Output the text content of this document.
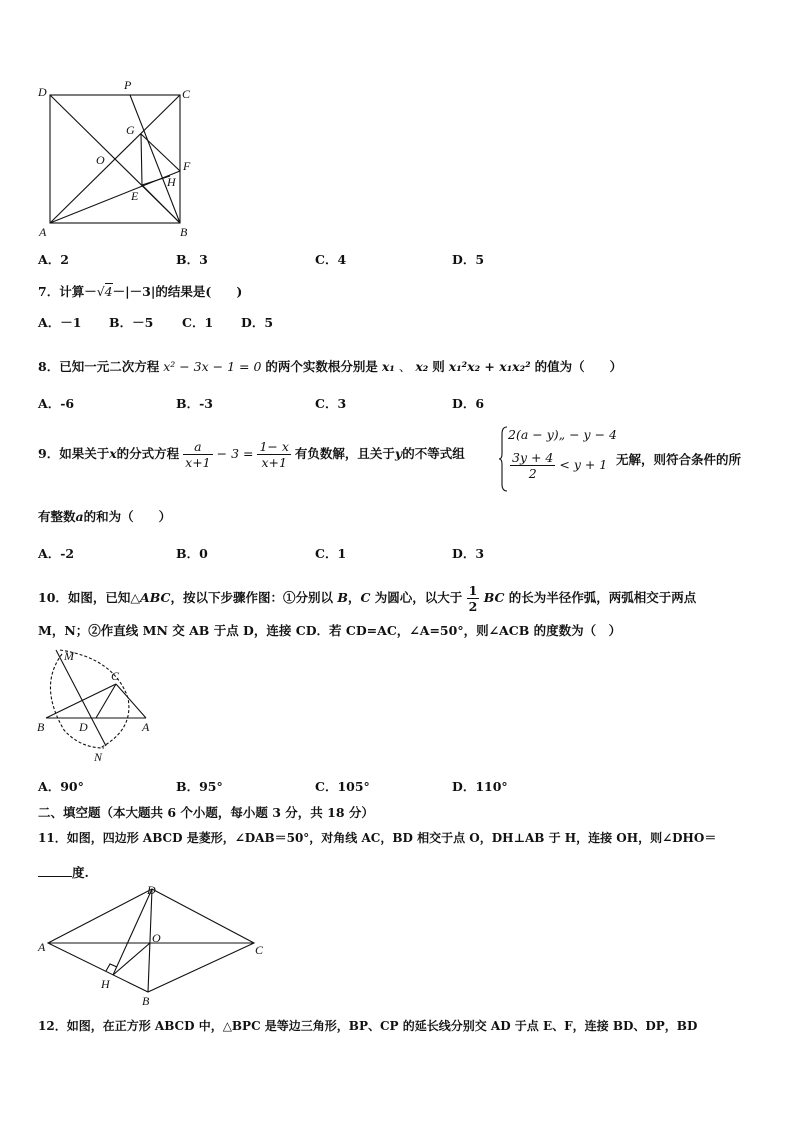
D	P
C
G
O	F
H
E
A	B
A．2	B．3	C．4	D．5
7．计算－√4－|－3|的结果是(　　)
A．－1 B．－5 C．1 D．5
8．已知一元二次方程 x² − 3x − 1 = 0 的两个实数根分别是 x₁ 、 x₂ 则 x₁²x₂ + x₁x₂² 的值为（　　）
A．-6	B．-3	C．3	D．6
9．如果关于x的分式方程 $\frac{a}{x+1} - 3 = \frac{1- x}{x+1}$ 有负数解，且关于y的不等式组
2(a − y)„ − y − 4
$\frac{3y + 4}{2} < y + 1$ 无解，则符合条件的所
有整数a的和为（　　）
A．-2	B．0	C．1	D．3
10．如图，已知△ABC，按以下步骤作图：①分别以 B，C 为圆心，以大于 $\frac{1}{2}$ BC 的长为半径作弧，两弧相交于两点
M，N；②作直线 MN 交 AB 于点 D，连接 CD．若 CD=AC，∠A=50°，则∠ACB 的度数为（　）
M
C
B	D	A
N
A．90°	B．95°	C．105°	D．110°
二、填空题（本大题共 6 个小题，每小题 3 分，共 18 分）
11．如图，四边形 ABCD 是菱形，∠DAB＝50°，对角线 AC，BD 相交于点 O，DH⊥AB 于 H，连接 OH，则∠DHO＝
度.
A
D
O
C
H
B
12．如图，在正方形 ABCD 中，△BPC 是等边三角形，BP、CP 的延长线分别交 AD 于点 E、F，连接 BD、DP，BD
